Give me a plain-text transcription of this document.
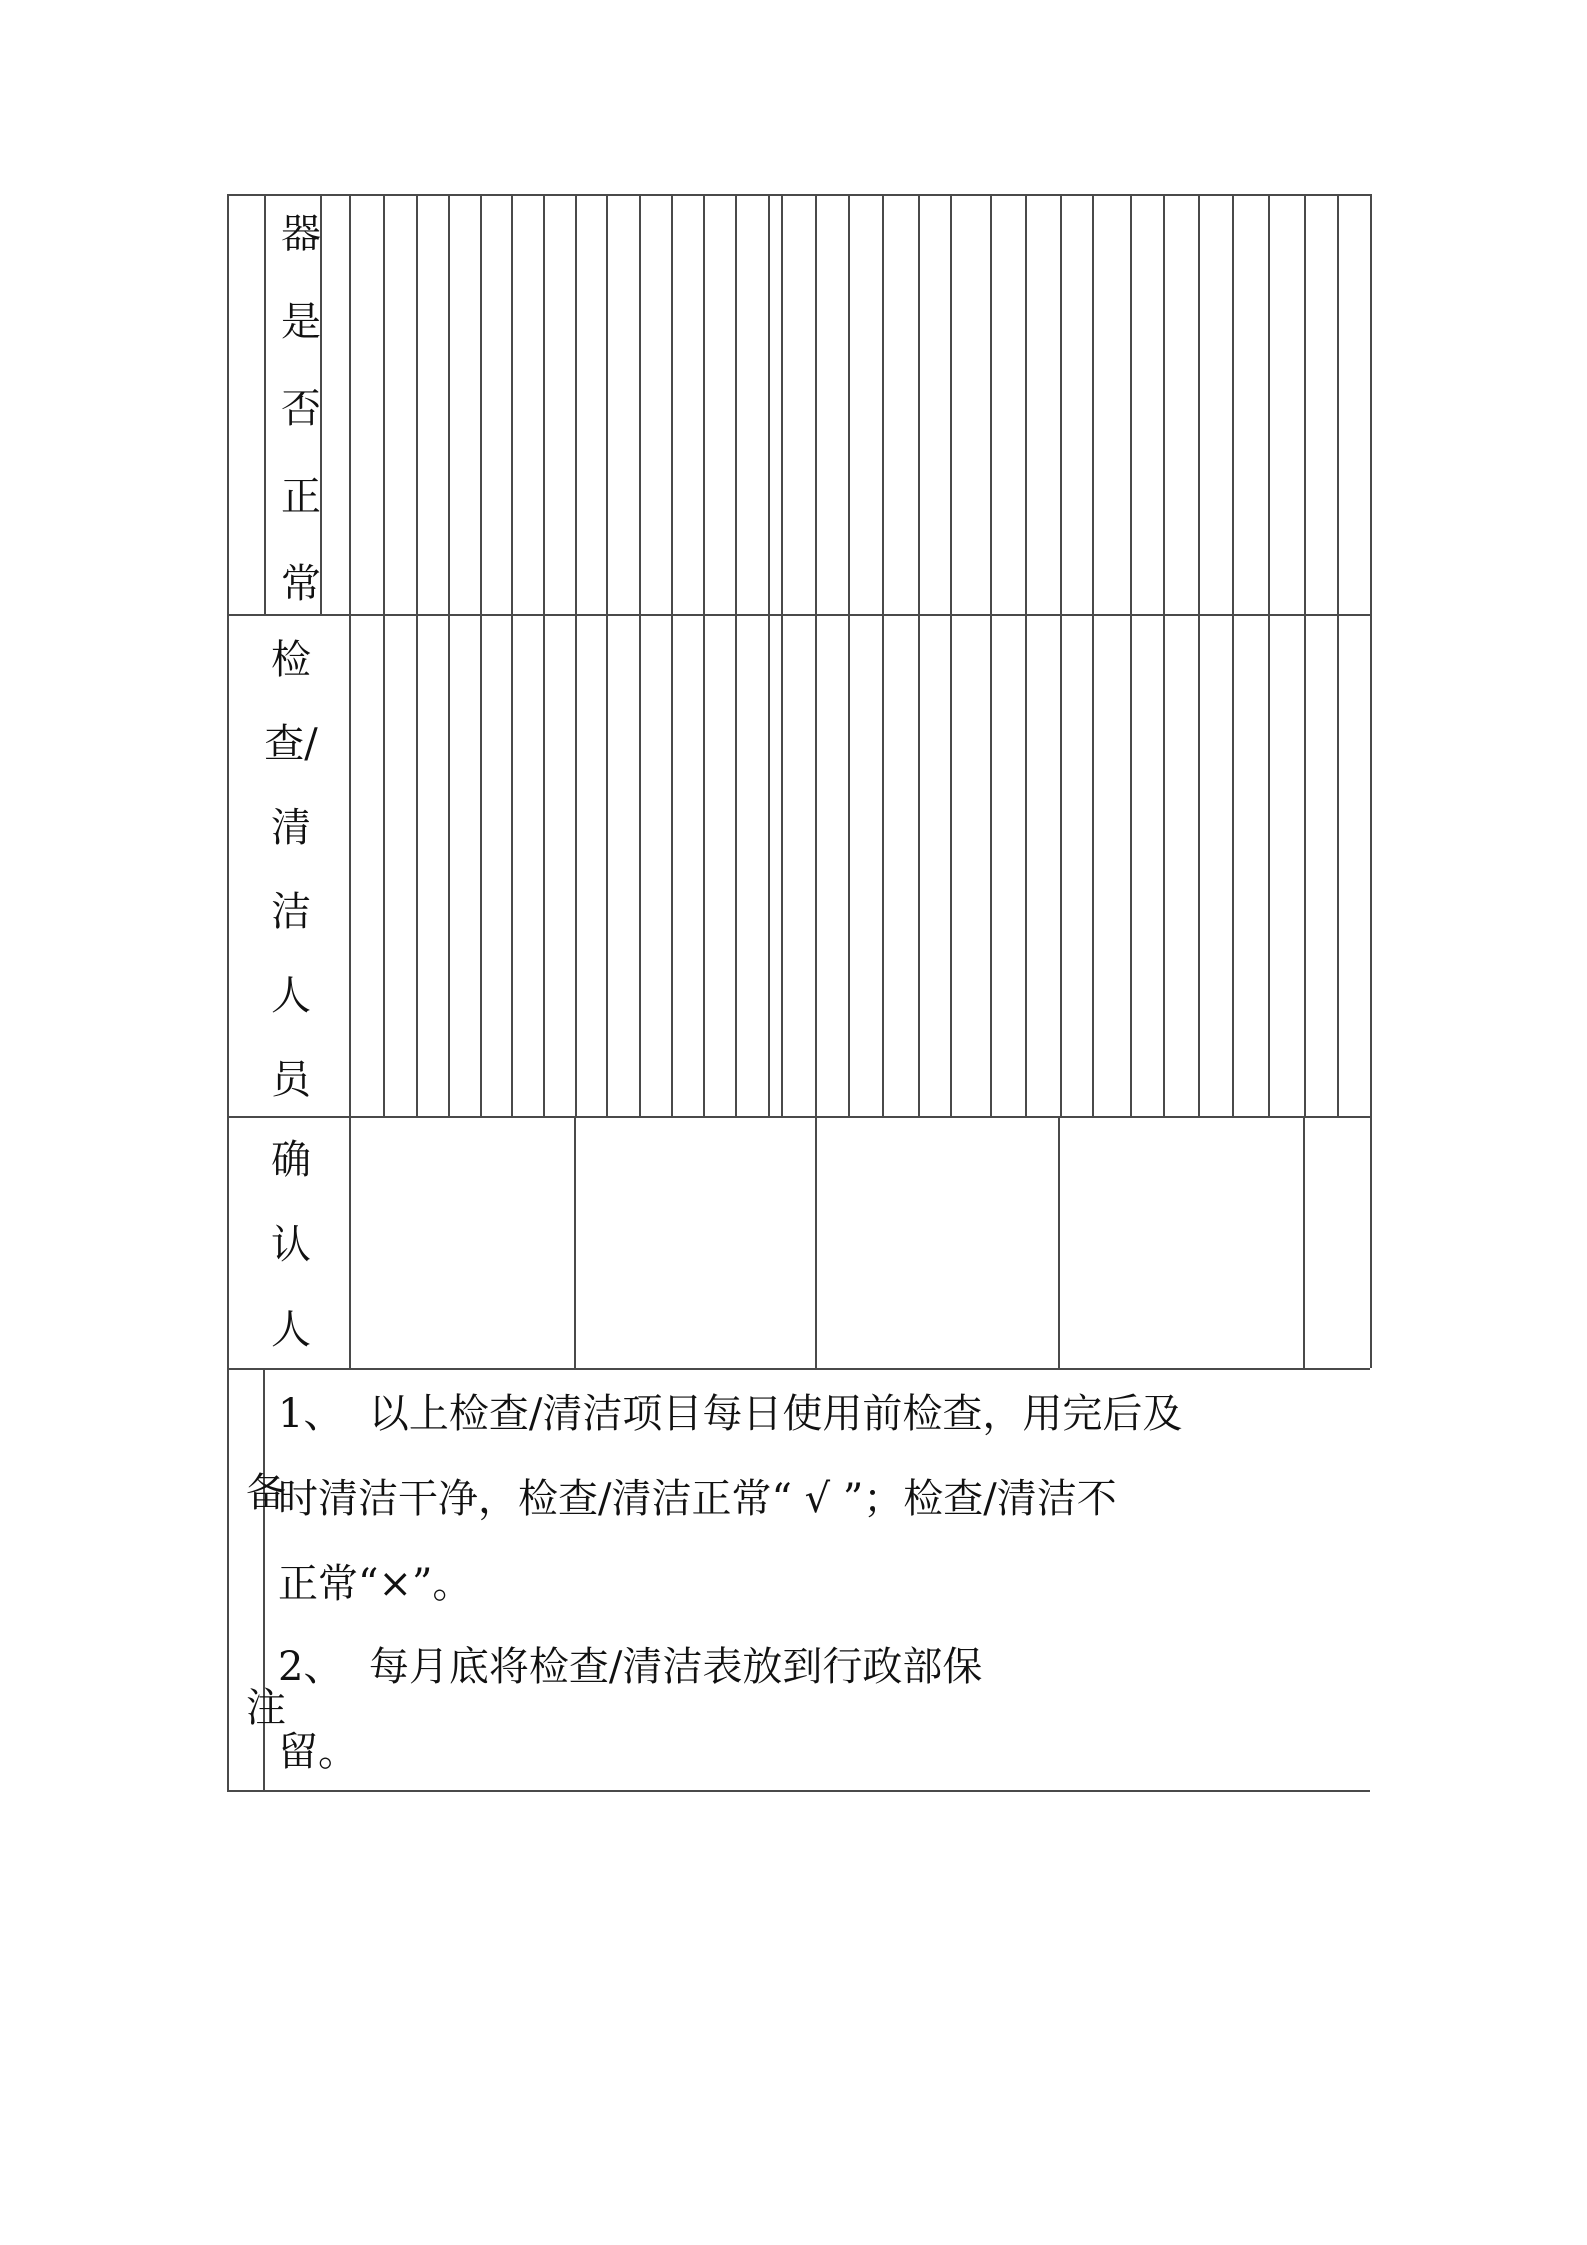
器
是
否
正
常
检
查/
清
洁
人
员
确
认
人
备
注
1、  以上检查/清洁项目每日使用前检查，用完后及
时清洁干净，检查/清洁正常“ √ ”；检查/清洁不
正常“×”。
2、  每月底将检查/清洁表放到行政部保
留。
